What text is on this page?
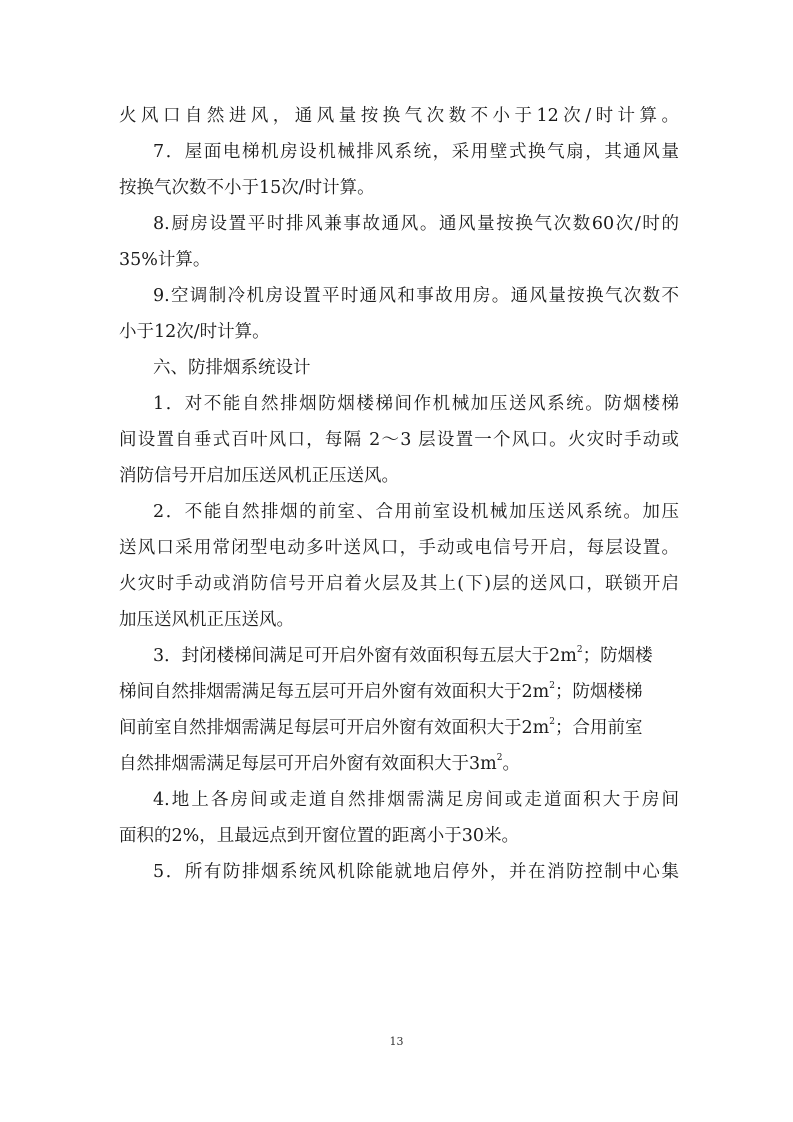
火风口自然进风，通风量按换气次数不小于12次/时计算。
7．屋面电梯机房设机械排风系统，采用壁式换气扇，其通风量
按换气次数不小于15次/时计算。
8.厨房设置平时排风兼事故通风。通风量按换气次数60次/时的
35%计算。
9.空调制冷机房设置平时通风和事故用房。通风量按换气次数不
小于12次/时计算。
六、防排烟系统设计
1．对不能自然排烟防烟楼梯间作机械加压送风系统。防烟楼梯
间设置自垂式百叶风口，每隔 2～3 层设置一个风口。火灾时手动或
消防信号开启加压送风机正压送风。
2．不能自然排烟的前室、合用前室设机械加压送风系统。加压
送风口采用常闭型电动多叶送风口，手动或电信号开启，每层设置。
火灾时手动或消防信号开启着火层及其上(下)层的送风口，联锁开启
加压送风机正压送风。
3．封闭楼梯间满足可开启外窗有效面积每五层大于$2m^2$；防烟楼
梯间自然排烟需满足每五层可开启外窗有效面积大于$2m^2$；防烟楼梯
间前室自然排烟需满足每层可开启外窗有效面积大于$2m^2$；合用前室
自然排烟需满足每层可开启外窗有效面积大于$3m^2$。
4.地上各房间或走道自然排烟需满足房间或走道面积大于房间
面积的2%，且最远点到开窗位置的距离小于30米。
5．所有防排烟系统风机除能就地启停外，并在消防控制中心集
13
